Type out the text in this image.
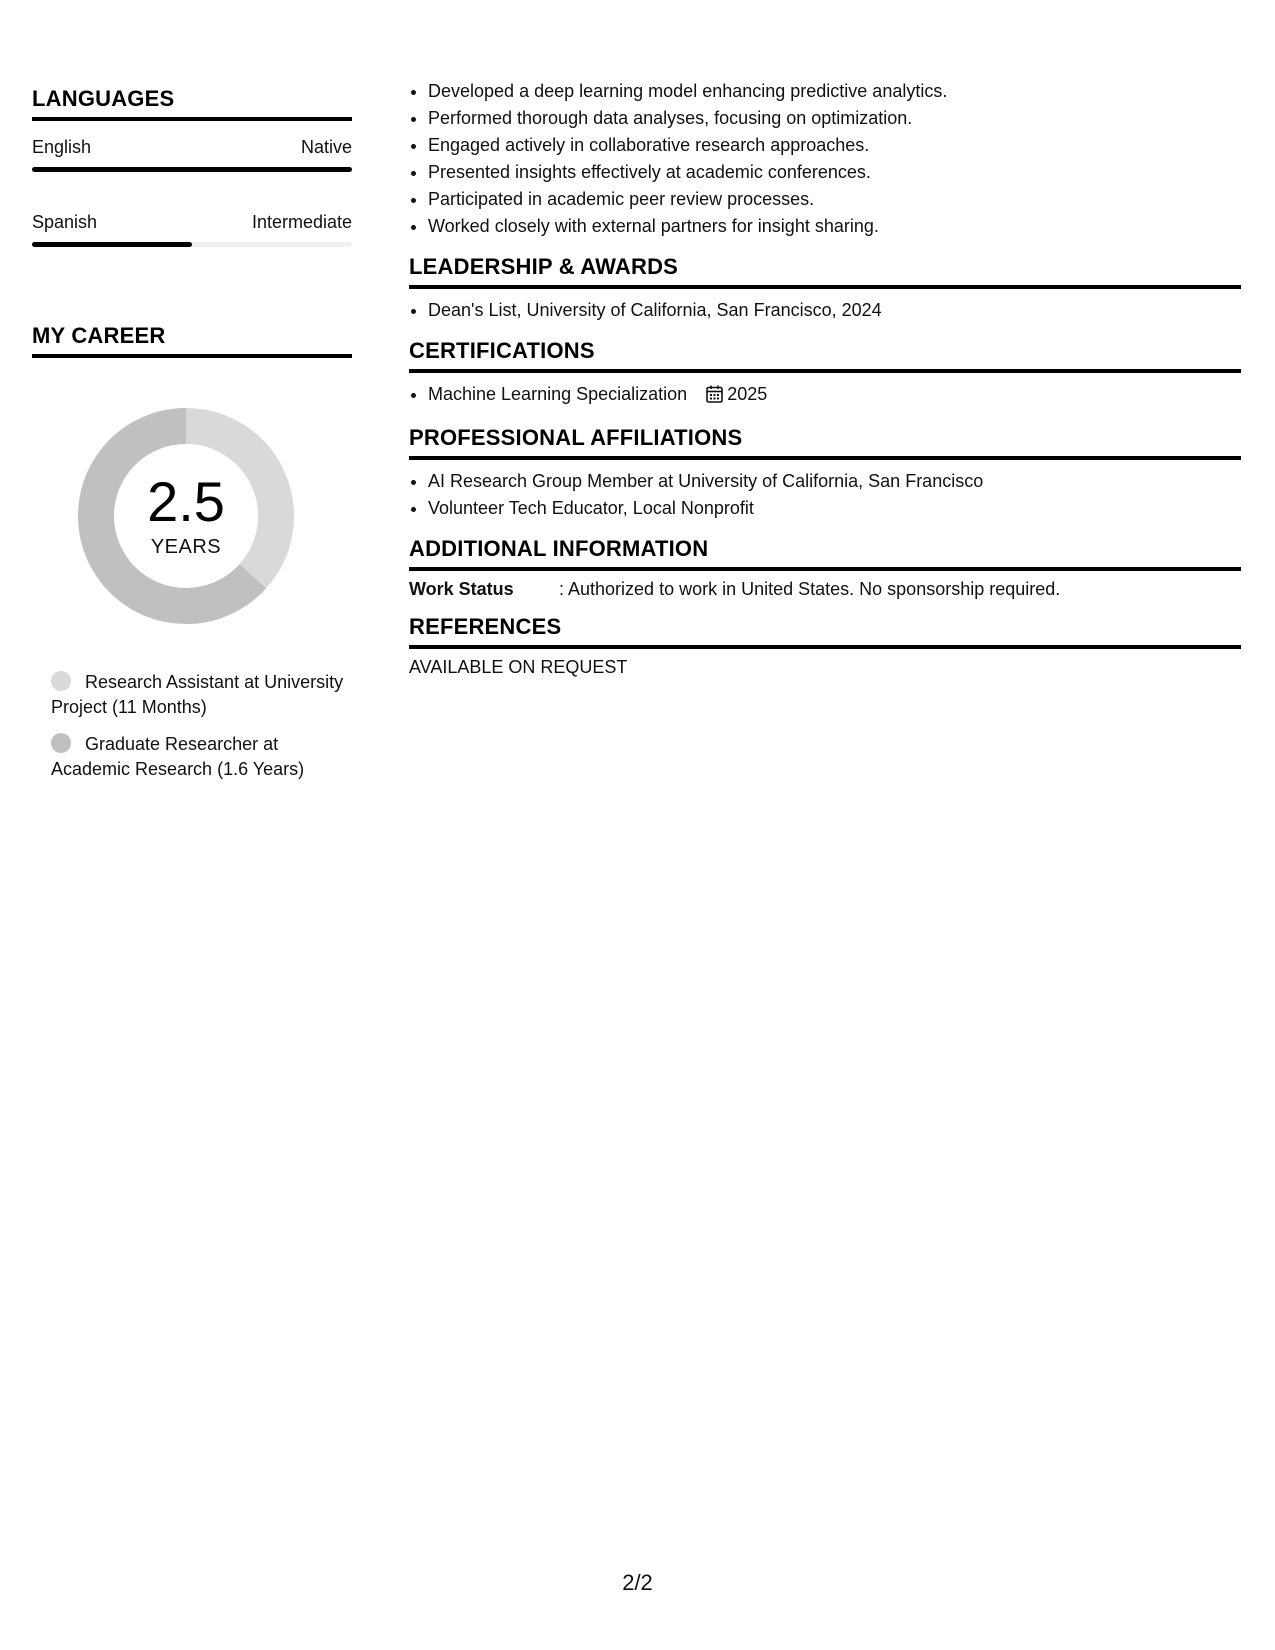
LANGUAGES
English	Native
Spanish	Intermediate
MY CAREER
2.5
YEARS
Research Assistant at University Project (11 Months)
Graduate Researcher at Academic Research (1.6 Years)
• Developed a deep learning model enhancing predictive analytics.
• Performed thorough data analyses, focusing on optimization.
• Engaged actively in collaborative research approaches.
• Presented insights effectively at academic conferences.
• Participated in academic peer review processes.
• Worked closely with external partners for insight sharing.
LEADERSHIP & AWARDS
• Dean's List, University of California, San Francisco, 2024
CERTIFICATIONS
• Machine Learning Specialization 2025
PROFESSIONAL AFFILIATIONS
• AI Research Group Member at University of California, San Francisco
• Volunteer Tech Educator, Local Nonprofit
ADDITIONAL INFORMATION
Work Status	: Authorized to work in United States. No sponsorship required.
REFERENCES
AVAILABLE ON REQUEST
2/2
